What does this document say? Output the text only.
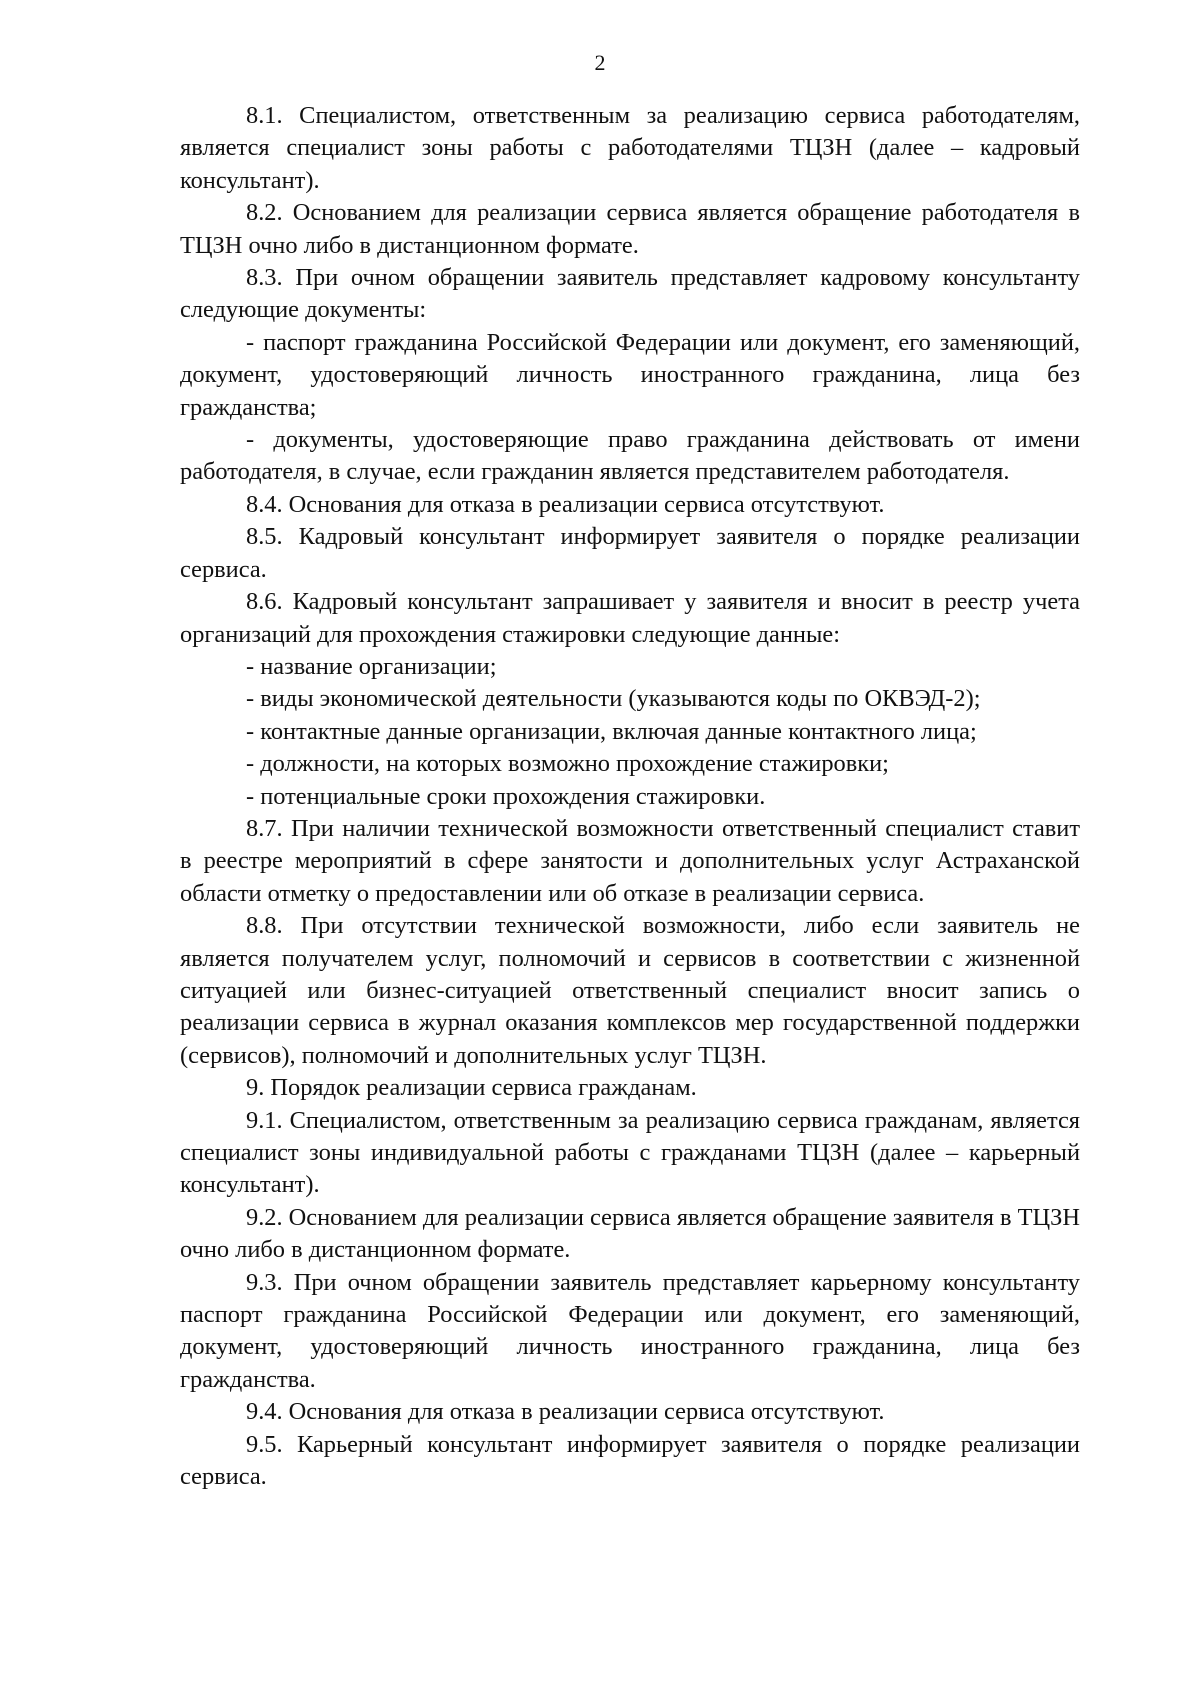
2

8.1. Специалистом, ответственным за реализацию сервиса работодателям, является специалист зоны работы с работодателями ТЦЗН (далее – кадровый консультант).

8.2. Основанием для реализации сервиса является обращение работодателя в ТЦЗН очно либо в дистанционном формате.

8.3. При очном обращении заявитель представляет кадровому консультанту следующие документы:

- паспорт гражданина Российской Федерации или документ, его заменяющий, документ, удостоверяющий личность иностранного гражданина, лица без гражданства;

- документы, удостоверяющие право гражданина действовать от имени работодателя, в случае, если гражданин является представителем работодателя.

8.4. Основания для отказа в реализации сервиса отсутствуют.

8.5. Кадровый консультант информирует заявителя о порядке реализации сервиса.

8.6. Кадровый консультант запрашивает у заявителя и вносит в реестр учета организаций для прохождения стажировки следующие данные:

- название организации;

- виды экономической деятельности (указываются коды по ОКВЭД-2);

- контактные данные организации, включая данные контактного лица;

- должности, на которых возможно прохождение стажировки;

- потенциальные сроки прохождения стажировки.

8.7. При наличии технической возможности ответственный специалист ставит в реестре мероприятий в сфере занятости и дополнительных услуг Астраханской области отметку о предоставлении или об отказе в реализации сервиса.

8.8. При отсутствии технической возможности, либо если заявитель не является получателем услуг, полномочий и сервисов в соответствии с жизненной ситуацией или бизнес-ситуацией ответственный специалист вносит запись о реализации сервиса в журнал оказания комплексов мер государственной поддержки (сервисов), полномочий и дополнительных услуг ТЦЗН.

9. Порядок реализации сервиса гражданам.

9.1. Специалистом, ответственным за реализацию сервиса гражданам, является специалист зоны индивидуальной работы с гражданами ТЦЗН (далее – карьерный консультант).

9.2. Основанием для реализации сервиса является обращение заявителя в ТЦЗН очно либо в дистанционном формате.

9.3. При очном обращении заявитель представляет карьерному консультанту паспорт гражданина Российской Федерации или документ, его заменяющий, документ, удостоверяющий личность иностранного гражданина, лица без гражданства.

9.4. Основания для отказа в реализации сервиса отсутствуют.

9.5. Карьерный консультант информирует заявителя о порядке реализации сервиса.
